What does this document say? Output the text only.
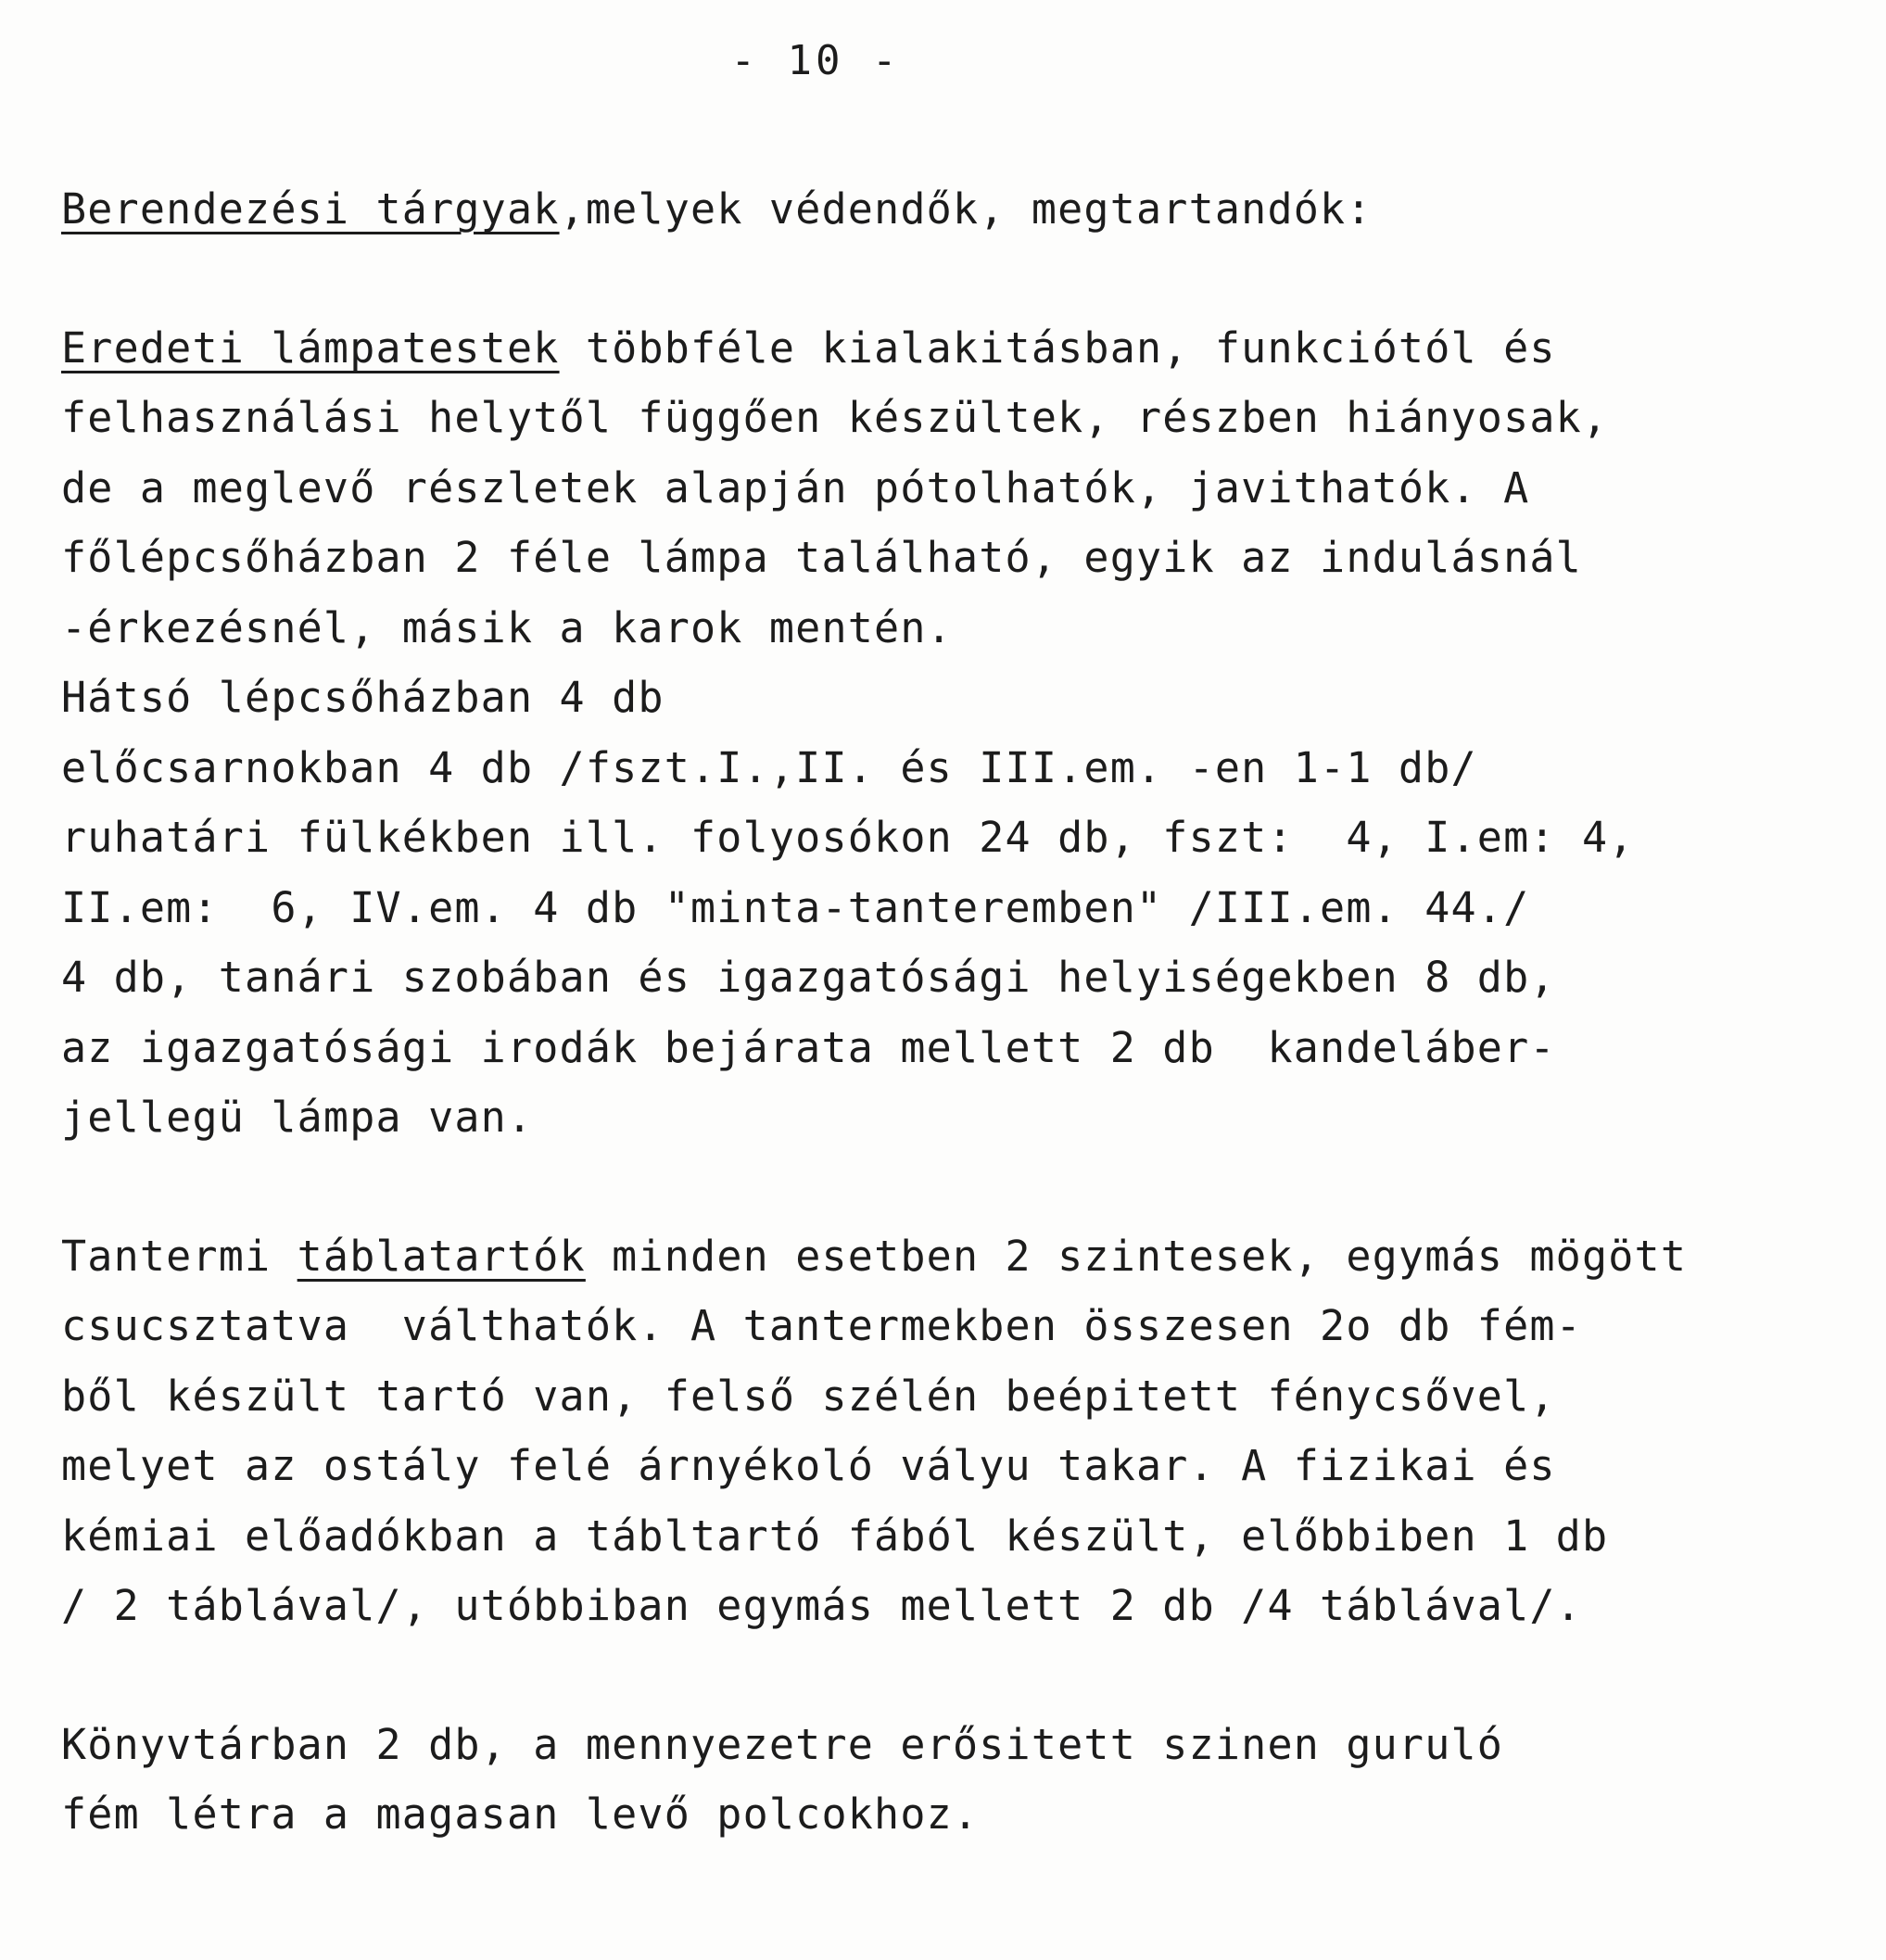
- 10 -
Berendezési tárgyak,melyek védendők, megtartandók:
Eredeti lámpatestek többféle kialakitásban, funkciótól és
felhasználási helytől függően készültek, részben hiányosak,
de a meglevő részletek alapján pótolhatók, javithatók. A
főlépcsőházban 2 féle lámpa található, egyik az indulásnál
-érkezésnél, másik a karok mentén.
Hátsó lépcsőházban 4 db
előcsarnokban 4 db /fszt.I.,II. és III.em. -en 1-1 db/
ruhatári fülkékben ill. folyosókon 24 db, fszt:  4, I.em: 4,
II.em:  6, IV.em. 4 db "minta-tanteremben" /III.em. 44./
4 db, tanári szobában és igazgatósági helyiségekben 8 db,
az igazgatósági irodák bejárata mellett 2 db  kandeláber-
jellegü lámpa van.
Tantermi táblatartók minden esetben 2 szintesek, egymás mögött
csucsztatva  válthatók. A tantermekben összesen 2o db fém-
ből készült tartó van, felső szélén beépitett fénycsővel,
melyet az ostály felé árnyékoló vályu takar. A fizikai és
kémiai előadókban a tábltartó fából készült, előbbiben 1 db
/ 2 táblával/, utóbbiban egymás mellett 2 db /4 táblával/.
Könyvtárban 2 db, a mennyezetre erősitett szinen guruló
fém létra a magasan levő polcokhoz.
